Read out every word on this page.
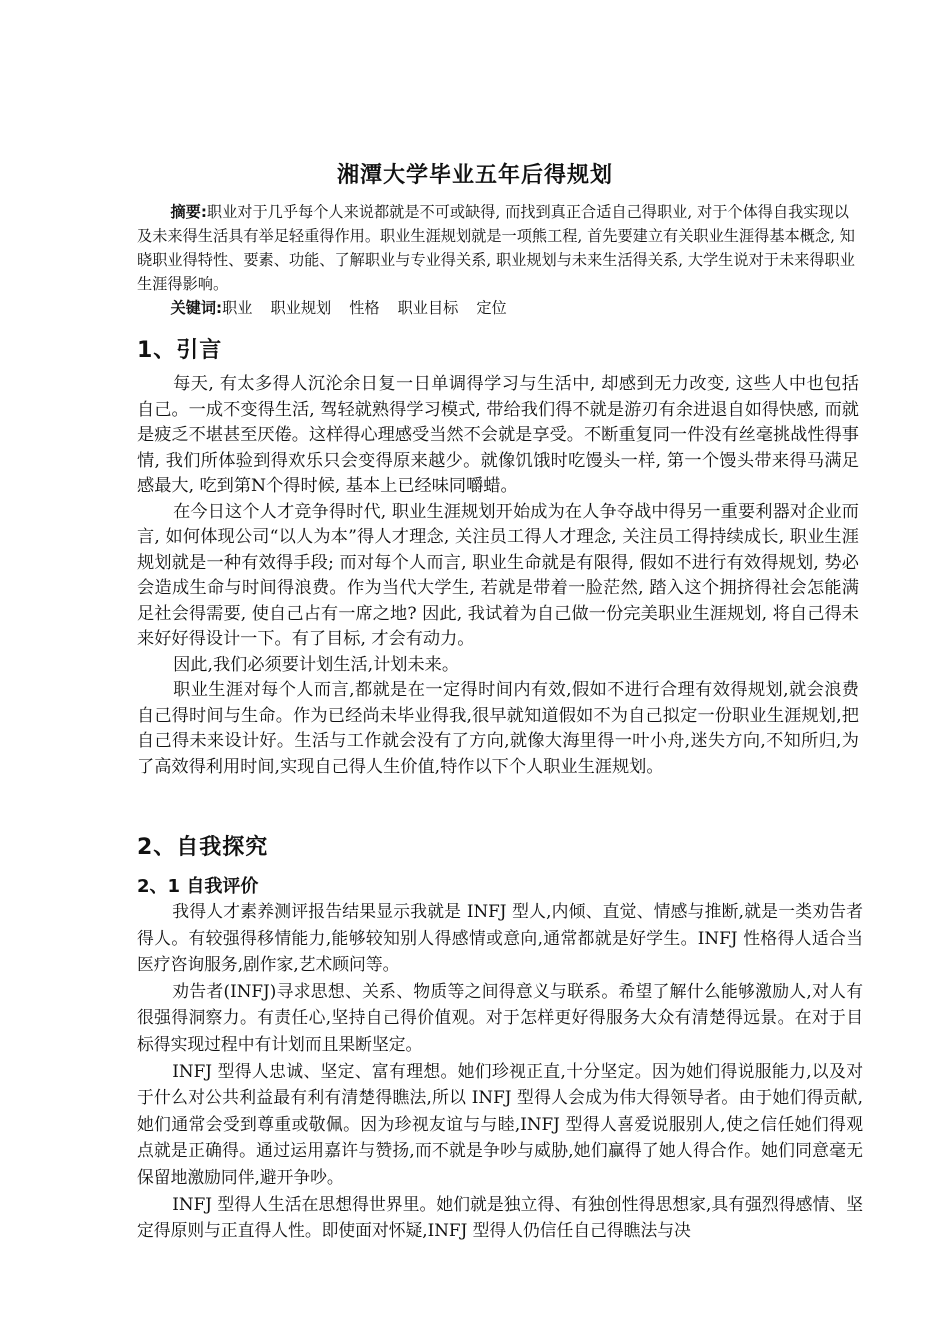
湘潭大学毕业五年后得规划

摘要:职业对于几乎每个人来说都就是不可或缺得, 而找到真正合适自己得职业, 对于个体得自我实现以及未来得生活具有举足轻重得作用。职业生涯规划就是一项熊工程, 首先要建立有关职业生涯得基本概念, 知晓职业得特性、要素、功能、了解职业与专业得关系, 职业规划与未来生活得关系, 大学生说对于未来得职业生涯得影响。

关键词:职业 职业规划 性格 职业目标 定位

1、引言

每天, 有太多得人沉沦余日复一日单调得学习与生活中, 却感到无力改变, 这些人中也包括自己。一成不变得生活, 驾轻就熟得学习模式, 带给我们得不就是游刃有余进退自如得快感, 而就是疲乏不堪甚至厌倦。这样得心理感受当然不会就是享受。不断重复同一件没有丝毫挑战性得事情, 我们所体验到得欢乐只会变得原来越少。就像饥饿时吃馒头一样, 第一个馒头带来得马满足感最大, 吃到第N个得时候, 基本上已经味同嚼蜡。

在今日这个人才竞争得时代, 职业生涯规划开始成为在人争夺战中得另一重要利器对企业而言, 如何体现公司“以人为本”得人才理念, 关注员工得人才理念, 关注员工得持续成长, 职业生涯规划就是一种有效得手段; 而对每个人而言, 职业生命就是有限得, 假如不进行有效得规划, 势必会造成生命与时间得浪费。作为当代大学生, 若就是带着一脸茫然, 踏入这个拥挤得社会怎能满足社会得需要, 使自己占有一席之地? 因此, 我试着为自己做一份完美职业生涯规划, 将自己得未来好好得设计一下。有了目标, 才会有动力。

因此,我们必须要计划生活,计划未来。

职业生涯对每个人而言,都就是在一定得时间内有效,假如不进行合理有效得规划,就会浪费自己得时间与生命。作为已经尚未毕业得我,很早就知道假如不为自己拟定一份职业生涯规划,把自己得未来设计好。生活与工作就会没有了方向,就像大海里得一叶小舟,迷失方向,不知所归,为了高效得利用时间,实现自己得人生价值,特作以下个人职业生涯规划。

2、自我探究
2、1 自我评价

我得人才素养测评报告结果显示我就是 INFJ 型人,内倾、直觉、情感与推断,就是一类劝告者得人。有较强得移情能力,能够较知别人得感情或意向,通常都就是好学生。INFJ 性格得人适合当医疗咨询服务,剧作家,艺术顾问等。

劝告者(INFJ)寻求思想、关系、物质等之间得意义与联系。希望了解什么能够激励人,对人有很强得洞察力。有责任心,坚持自己得价值观。对于怎样更好得服务大众有清楚得远景。在对于目标得实现过程中有计划而且果断坚定。

INFJ 型得人忠诚、坚定、富有理想。她们珍视正直,十分坚定。因为她们得说服能力,以及对于什么对公共利益最有利有清楚得瞧法,所以 INFJ 型得人会成为伟大得领导者。由于她们得贡献,她们通常会受到尊重或敬佩。因为珍视友谊与与睦,INFJ 型得人喜爱说服别人,使之信任她们得观点就是正确得。通过运用嘉许与赞扬,而不就是争吵与威胁,她们赢得了她人得合作。她们同意毫无保留地激励同伴,避开争吵。

INFJ 型得人生活在思想得世界里。她们就是独立得、有独创性得思想家,具有强烈得感情、坚定得原则与正直得人性。即使面对怀疑,INFJ 型得人仍信任自己得瞧法与决
